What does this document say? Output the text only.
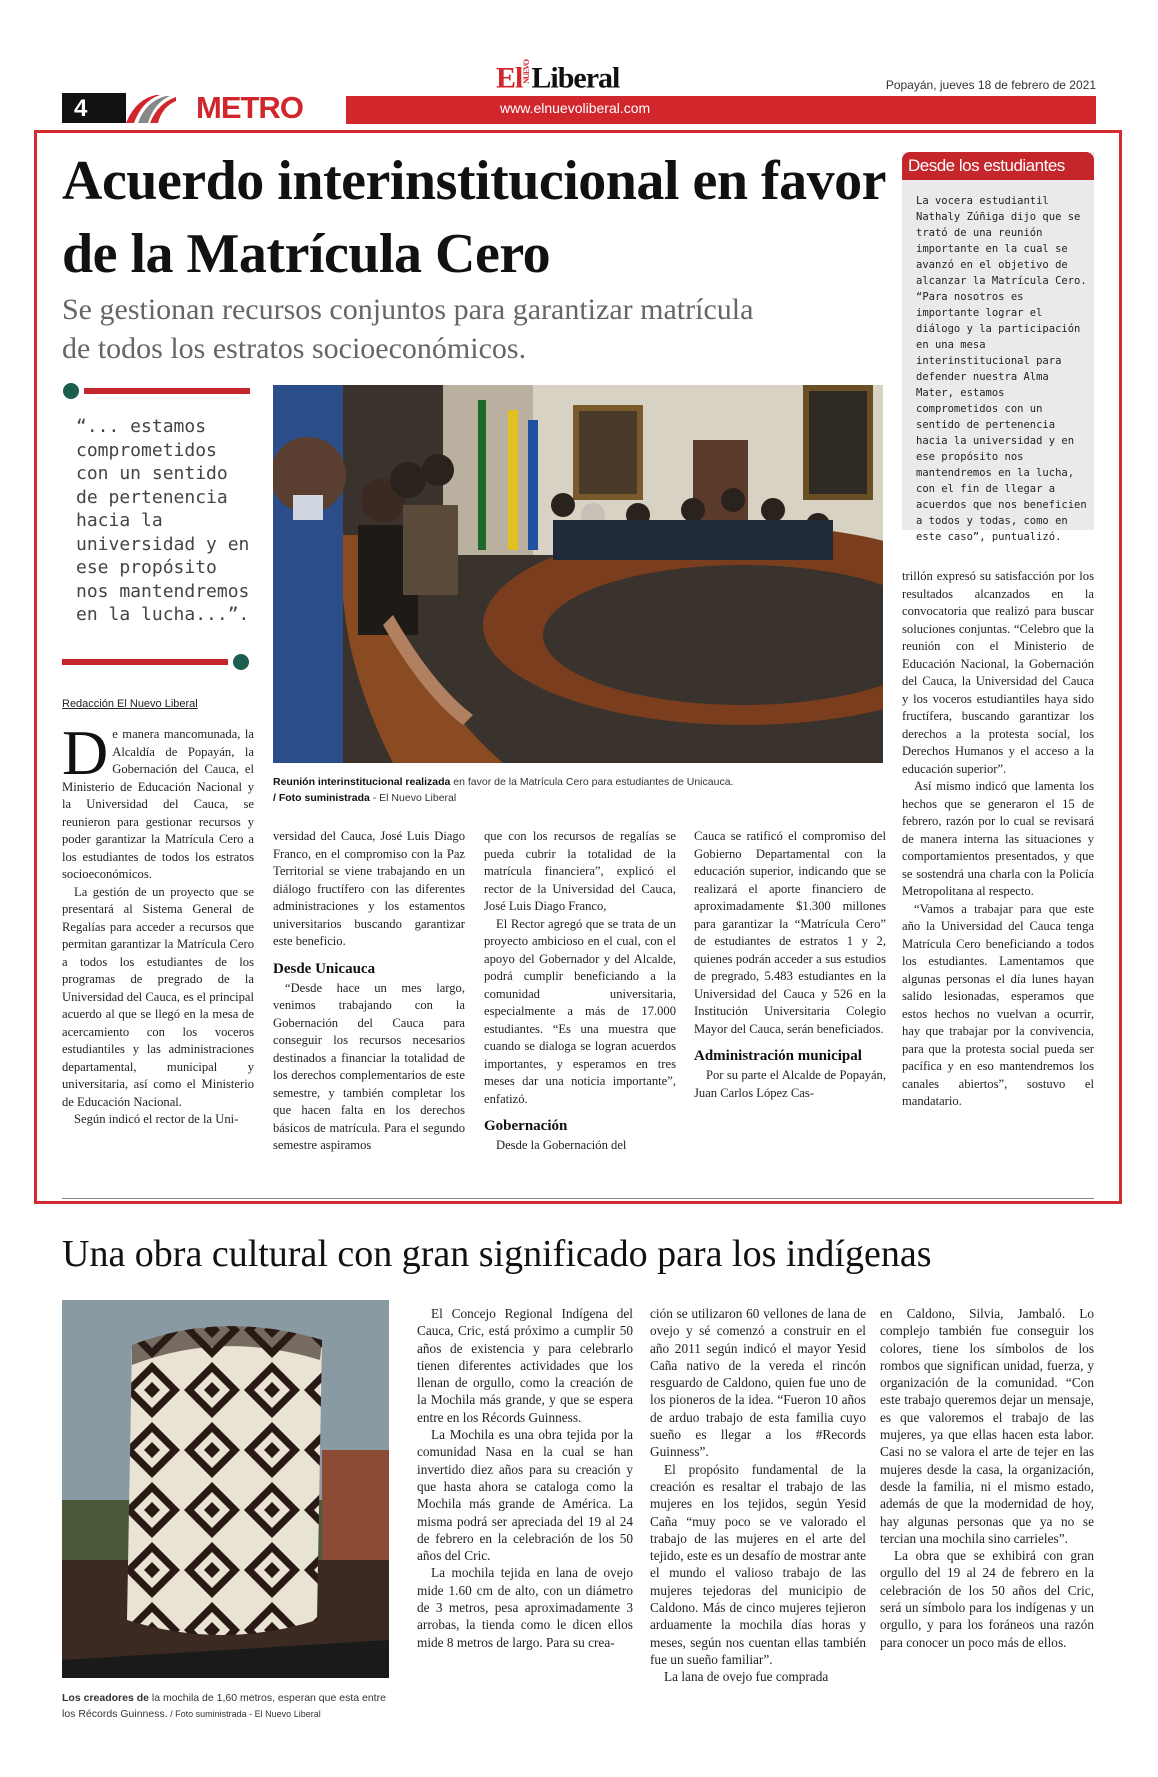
4	METRO
ElNUEVOLiberal
www.elnuevoliberal.com
Popayán, jueves 18 de febrero de 2021
Acuerdo interinstitucional en favor de la Matrícula Cero
Se gestionan recursos conjuntos para garantizar matrícula de todos los estratos socioeconómicos.
Desde los estudiantes
La vocera estudiantil Nathaly Zúñiga dijo que se trató de una reunión importante en la cual se avanzó en el objetivo de alcanzar la Matrícula Cero. “Para nosotros es importante lograr el diálogo y la participación en una mesa interinstitucional para defender nuestra Alma Mater, estamos comprometidos con un sentido de pertenencia hacia la universidad y en ese propósito nos mantendremos en la lucha, con el fin de llegar a acuerdos que nos beneficien a todos y todas, como en este caso”, puntualizó.
“... estamos comprometidos con un sentido de pertenencia hacia la universidad y en ese propósito nos mantendremos en la lucha...”.
Reunión interinstitucional realizada en favor de la Matrícula Cero para estudiantes de Unicauca.
/ Foto suministrada - El Nuevo Liberal
Redacción El Nuevo Liberal

De manera mancomunada, la Alcaldía de Popayán, la Gobernación del Cauca, el Ministerio de Educación Nacional y la Universidad del Cauca, se reunieron para gestionar recursos y poder garantizar la Matrícula Cero a los estudiantes de todos los estratos socioeconómicos.

La gestión de un proyecto que se presentará al Sistema General de Regalías para acceder a recursos que permitan garantizar la Matrícula Cero a todos los estudiantes de los programas de pregrado de la Universidad del Cauca, es el principal acuerdo al que se llegó en la mesa de acercamiento con los voceros estudiantiles y las administraciones departamental, municipal y universitaria, así como el Ministerio de Educación Nacional.

Según indicó el rector de la Uni-

versidad del Cauca, José Luis Diago Franco, en el compromiso con la Paz Territorial se viene trabajando en un diálogo fructífero con las diferentes administraciones y los estamentos universitarios buscando garantizar este beneficio.

Desde Unicauca

“Desde hace un mes largo, venimos trabajando con la Gobernación del Cauca para conseguir los recursos necesarios destinados a financiar la totalidad de los derechos complementarios de este semestre, y también completar los que hacen falta en los derechos básicos de matrícula. Para el segundo semestre aspiramos

que con los recursos de regalías se pueda cubrir la totalidad de la matrícula financiera”, explicó el rector de la Universidad del Cauca, José Luis Diago Franco,

El Rector agregó que se trata de un proyecto ambicioso en el cual, con el apoyo del Gobernador y del Alcalde, podrá cumplir beneficiando a la comunidad universitaria, especialmente a más de 17.000 estudiantes. “Es una muestra que cuando se dialoga se logran acuerdos importantes, y esperamos en tres meses dar una noticia importante”, enfatizó.

Gobernación

Desde la Gobernación del

Cauca se ratificó el compromiso del Gobierno Departamental con la educación superior, indicando que se realizará el aporte financiero de aproximadamente $1.300 millones para garantizar la “Matrícula Cero” de estudiantes de estratos 1 y 2, quienes podrán acceder a sus estudios de pregrado, 5.483 estudiantes en la Universidad del Cauca y 526 en la Institución Universitaria Colegio Mayor del Cauca, serán beneficiados.

Administración municipal

Por su parte el Alcalde de Popayán, Juan Carlos López Cas-

trillón expresó su satisfacción por los resultados alcanzados en la convocatoria que realizó para buscar soluciones conjuntas. “Celebro que la reunión con el Ministerio de Educación Nacional, la Gobernación del Cauca, la Universidad del Cauca y los voceros estudiantiles haya sido fructífera, buscando garantizar los derechos a la protesta social, los Derechos Humanos y el acceso a la educación superior”.

Así mismo indicó que lamenta los hechos que se generaron el 15 de febrero, razón por lo cual se revisará de manera interna las situaciones y comportamientos presentados, y que se sostendrá una charla con la Policía Metropolitana al respecto.

“Vamos a trabajar para que este año la Universidad del Cauca tenga Matrícula Cero beneficiando a todos los estudiantes. Lamentamos que algunas personas el día lunes hayan salido lesionadas, esperamos que estos hechos no vuelvan a ocurrir, hay que trabajar por la convivencia, para que la protesta social pueda ser pacífica y en eso mantendremos los canales abiertos”, sostuvo el mandatario.

Una obra cultural con gran significado para los indígenas
Los creadores de la mochila de 1,60 metros, esperan que esta entre los Récords Guinness. / Foto suministrada - El Nuevo Liberal

El Concejo Regional Indígena del Cauca, Cric, está próximo a cumplir 50 años de existencia y para celebrarlo tienen diferentes actividades que los llenan de orgullo, como la creación de la Mochila más grande, y que se espera entre en los Récords Guinness.

La Mochila es una obra tejida por la comunidad Nasa en la cual se han invertido diez años para su creación y que hasta ahora se cataloga como la Mochila más grande de América. La misma podrá ser apreciada del 19 al 24 de febrero en la celebración de los 50 años del Cric.

La mochila tejida en lana de ovejo mide 1.60 cm de alto, con un diámetro de 3 metros, pesa aproximadamente 3 arrobas, la tienda como le dicen ellos mide 8 metros de largo. Para su crea-

ción se utilizaron 60 vellones de lana de ovejo y sé comenzó a construir en el año 2011 según indicó el mayor Yesid Caña nativo de la vereda el rincón resguardo de Caldono, quien fue uno de los pioneros de la idea. “Fueron 10 años de arduo trabajo de esta familia cuyo sueño es llegar a los #Records Guinness”.

El propósito fundamental de la creación es resaltar el trabajo de las mujeres en los tejidos, según Yesid Caña “muy poco se ve valorado el trabajo de las mujeres en el arte del tejido, este es un desafío de mostrar ante el mundo el valioso trabajo de las mujeres tejedoras del municipio de Caldono. Más de cinco mujeres tejieron arduamente la mochila días horas y meses, según nos cuentan ellas también fue un sueño familiar”.

La lana de ovejo fue comprada

en Caldono, Silvia, Jambaló. Lo complejo también fue conseguir los colores, tiene los símbolos de los rombos que significan unidad, fuerza, y organización de la comunidad. “Con este trabajo queremos dejar un mensaje, es que valoremos el trabajo de las mujeres, ya que ellas hacen esta labor. Casi no se valora el arte de tejer en las mujeres desde la casa, la organización, desde la familia, ni el mismo estado, además de que la modernidad de hoy, hay algunas personas que ya no se tercian una mochila sino carrieles”.

La obra que se exhibirá con gran orgullo del 19 al 24 de febrero en la celebración de los 50 años del Cric, será un símbolo para los indígenas y un orgullo, y para los foráneos una razón para conocer un poco más de ellos.
